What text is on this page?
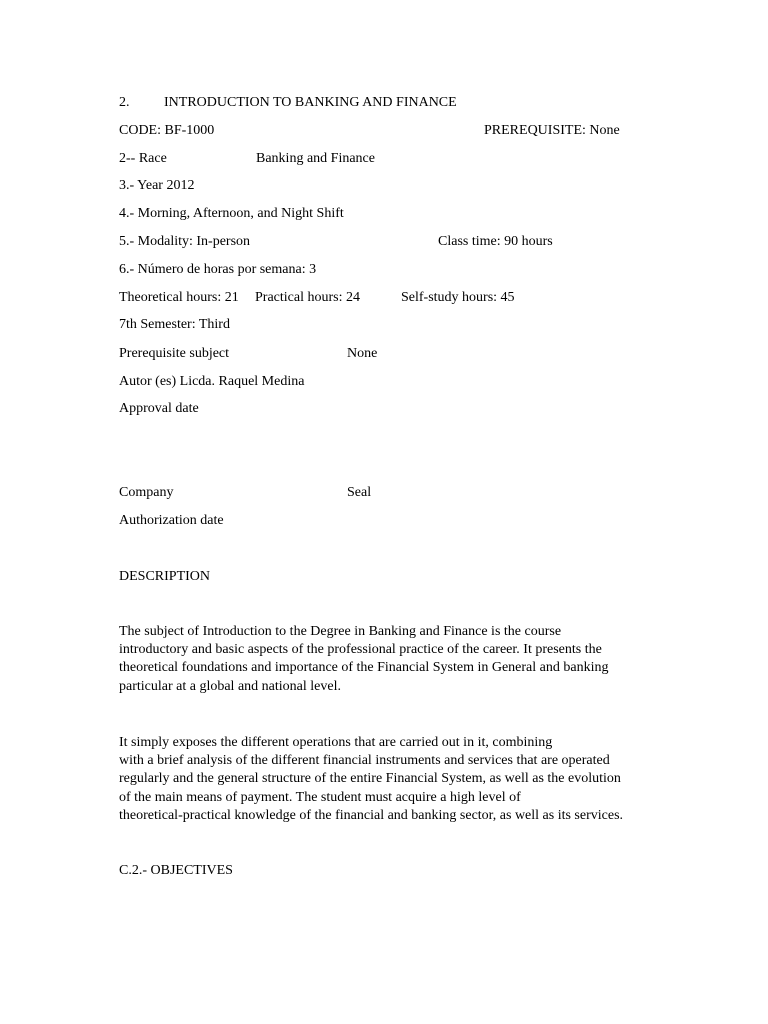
2. INTRODUCTION TO BANKING AND FINANCE
CODE: BF-1000	PREREQUISITE: None
2-- Race	Banking and Finance
3.- Year 2012
4.- Morning, Afternoon, and Night Shift
5.- Modality: In-person	Class time: 90 hours
6.- Número de horas por semana: 3
Theoretical hours: 21 Practical hours: 24	Self-study hours: 45
7th Semester: Third
Prerequisite subject	None
Autor (es) Licda. Raquel Medina
Approval date
Company	Seal
Authorization date
DESCRIPTION
The subject of Introduction to the Degree in Banking and Finance is the course
introductory and basic aspects of the professional practice of the career. It presents the
theoretical foundations and importance of the Financial System in General and banking
particular at a global and national level.
It simply exposes the different operations that are carried out in it, combining
with a brief analysis of the different financial instruments and services that are operated
regularly and the general structure of the entire Financial System, as well as the evolution
of the main means of payment. The student must acquire a high level of
theoretical-practical knowledge of the financial and banking sector, as well as its services.
C.2.- OBJECTIVES
